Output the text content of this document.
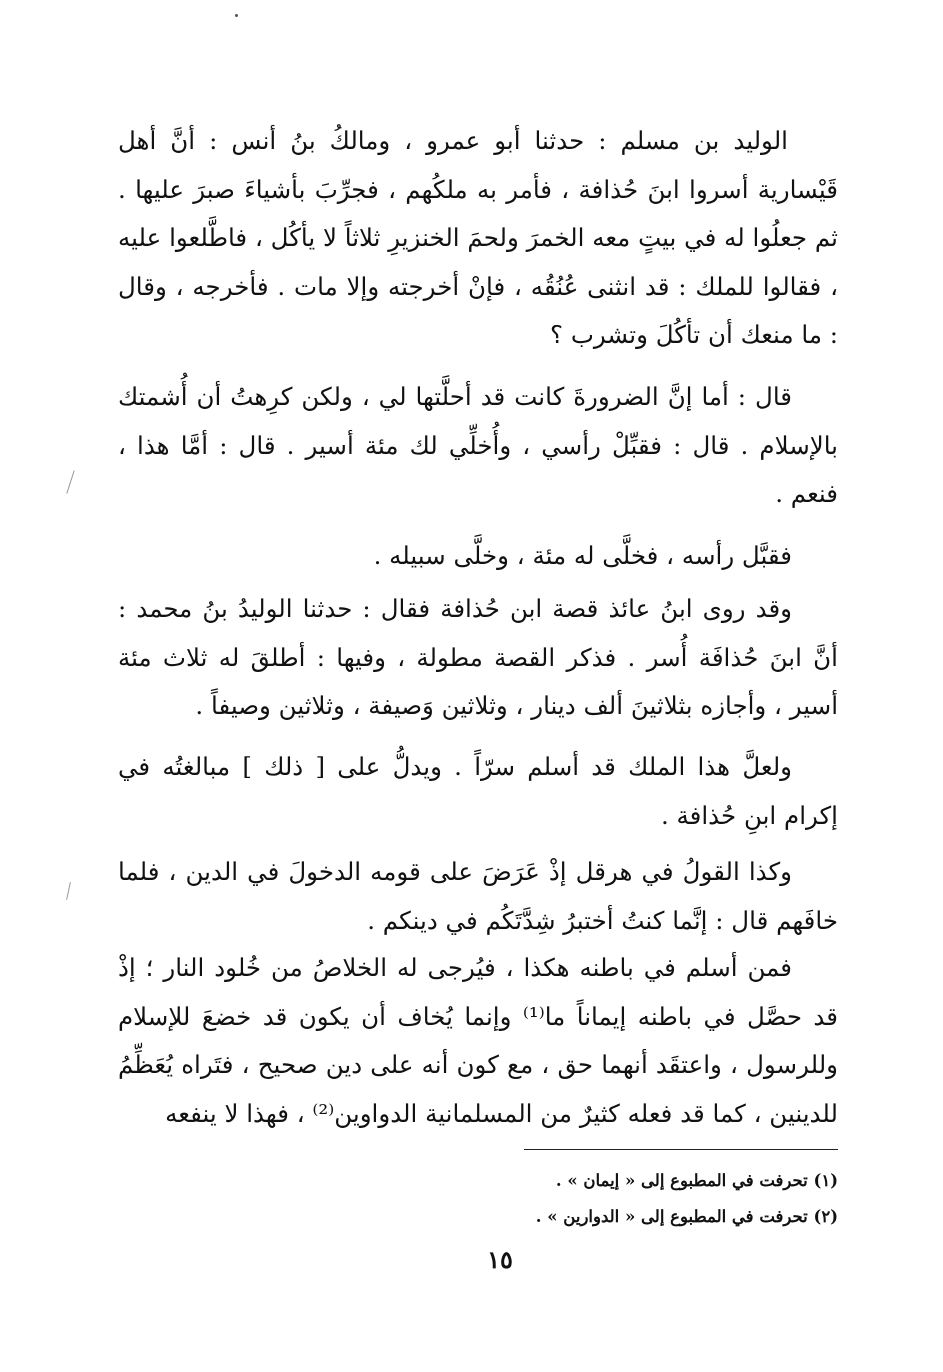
الوليد بن مسلم : حدثنا أبو عمرو ، ومالكُ بنُ أنس : أنَّ أهل قَيْسارية أسروا ابنَ حُذافة ، فأمر به ملكُهم ، فجرِّبَ بأشياءَ صبرَ عليها . ثم جعلُوا له في بيتٍ معه الخمرَ ولحمَ الخنزيرِ ثلاثاً لا يأكُل ، فاطَّلعوا عليه ، فقالوا للملك : قد انثنى عُنُقُه ، فإنْ أخرجته وإلا مات . فأخرجه ، وقال : ما منعك أن تأكُلَ وتشرب ؟

قال : أما إنَّ الضرورةَ كانت قد أحلَّتها لي ، ولكن كرِهتُ أن أُشمتك بالإسلام . قال : فقبِّلْ رأسي ، وأُخلِّي لك مئة أسير . قال : أمَّا هذا ، فنعم .

فقبَّل رأسه ، فخلَّى له مئة ، وخلَّى سبيله .

وقد روى ابنُ عائذ قصة ابن حُذافة فقال : حدثنا الوليدُ بنُ محمد : أنَّ ابنَ حُذافَة أُسر . فذكر القصة مطولة ، وفيها : أطلقَ له ثلاث مئة أسير ، وأجازه بثلاثينَ ألف دينار ، وثلاثين وَصيفة ، وثلاثين وصيفاً .

ولعلَّ هذا الملك قد أسلم سرّاً . ويدلُّ على [ ذلك ] مبالغتُه في إكرام ابنِ حُذافة .

وكذا القولُ في هرقل إذْ عَرَضَ على قومه الدخولَ في الدين ، فلما خافَهم قال : إنَّما كنتُ أختبرُ شِدَّتَكُم في دينكم .

فمن أسلم في باطنه هكذا ، فيُرجى له الخلاصُ من خُلود النار ؛ إذْ قد حصَّل في باطنه إيماناً ما⁽¹⁾ وإنما يُخاف أن يكون قد خضعَ للإسلام وللرسول ، واعتقَد أنهما حق ، مع كون أنه على دين صحيح ، فتَراه يُعَظِّمُ للدينين ، كما قد فعله كثيرٌ من المسلمانية الدواوين⁽²⁾ ، فهذا لا ينفعه

(١) تحرفت في المطبوع إلى « إيمان » .
(٢) تحرفت في المطبوع إلى « الدوارين » .
١٥
